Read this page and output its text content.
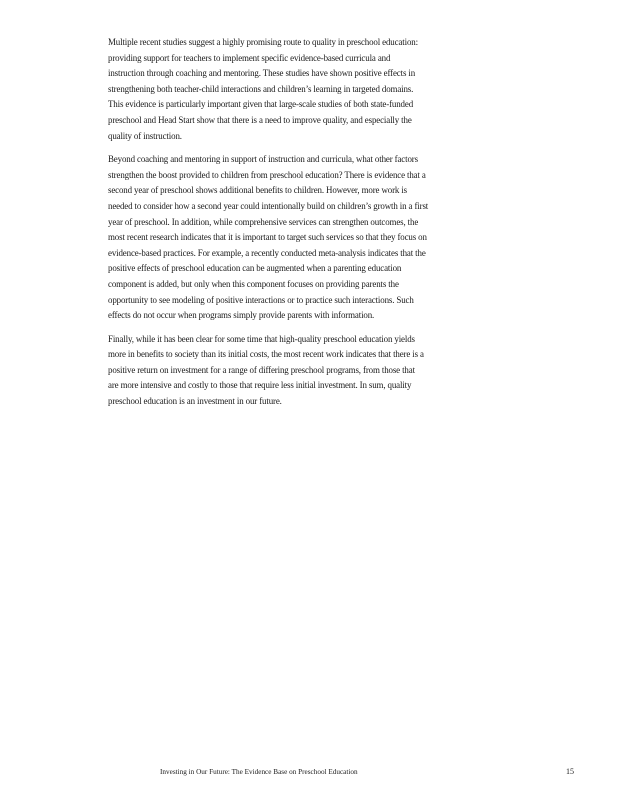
Multiple recent studies suggest a highly promising route to quality in preschool education:
providing support for teachers to implement specific evidence-based curricula and
instruction through coaching and mentoring. These studies have shown positive effects in
strengthening both teacher-child interactions and children’s learning in targeted domains.
This evidence is particularly important given that large-scale studies of both state-funded
preschool and Head Start show that there is a need to improve quality, and especially the
quality of instruction.

Beyond coaching and mentoring in support of instruction and curricula, what other factors
strengthen the boost provided to children from preschool education? There is evidence that a
second year of preschool shows additional benefits to children. However, more work is
needed to consider how a second year could intentionally build on children’s growth in a first
year of preschool. In addition, while comprehensive services can strengthen outcomes, the
most recent research indicates that it is important to target such services so that they focus on
evidence-based practices. For example, a recently conducted meta-analysis indicates that the
positive effects of preschool education can be augmented when a parenting education
component is added, but only when this component focuses on providing parents the
opportunity to see modeling of positive interactions or to practice such interactions. Such
effects do not occur when programs simply provide parents with information.

Finally, while it has been clear for some time that high-quality preschool education yields
more in benefits to society than its initial costs, the most recent work indicates that there is a
positive return on investment for a range of differing preschool programs, from those that
are more intensive and costly to those that require less initial investment. In sum, quality
preschool education is an investment in our future.

Investing in Our Future: The Evidence Base on Preschool Education	15
